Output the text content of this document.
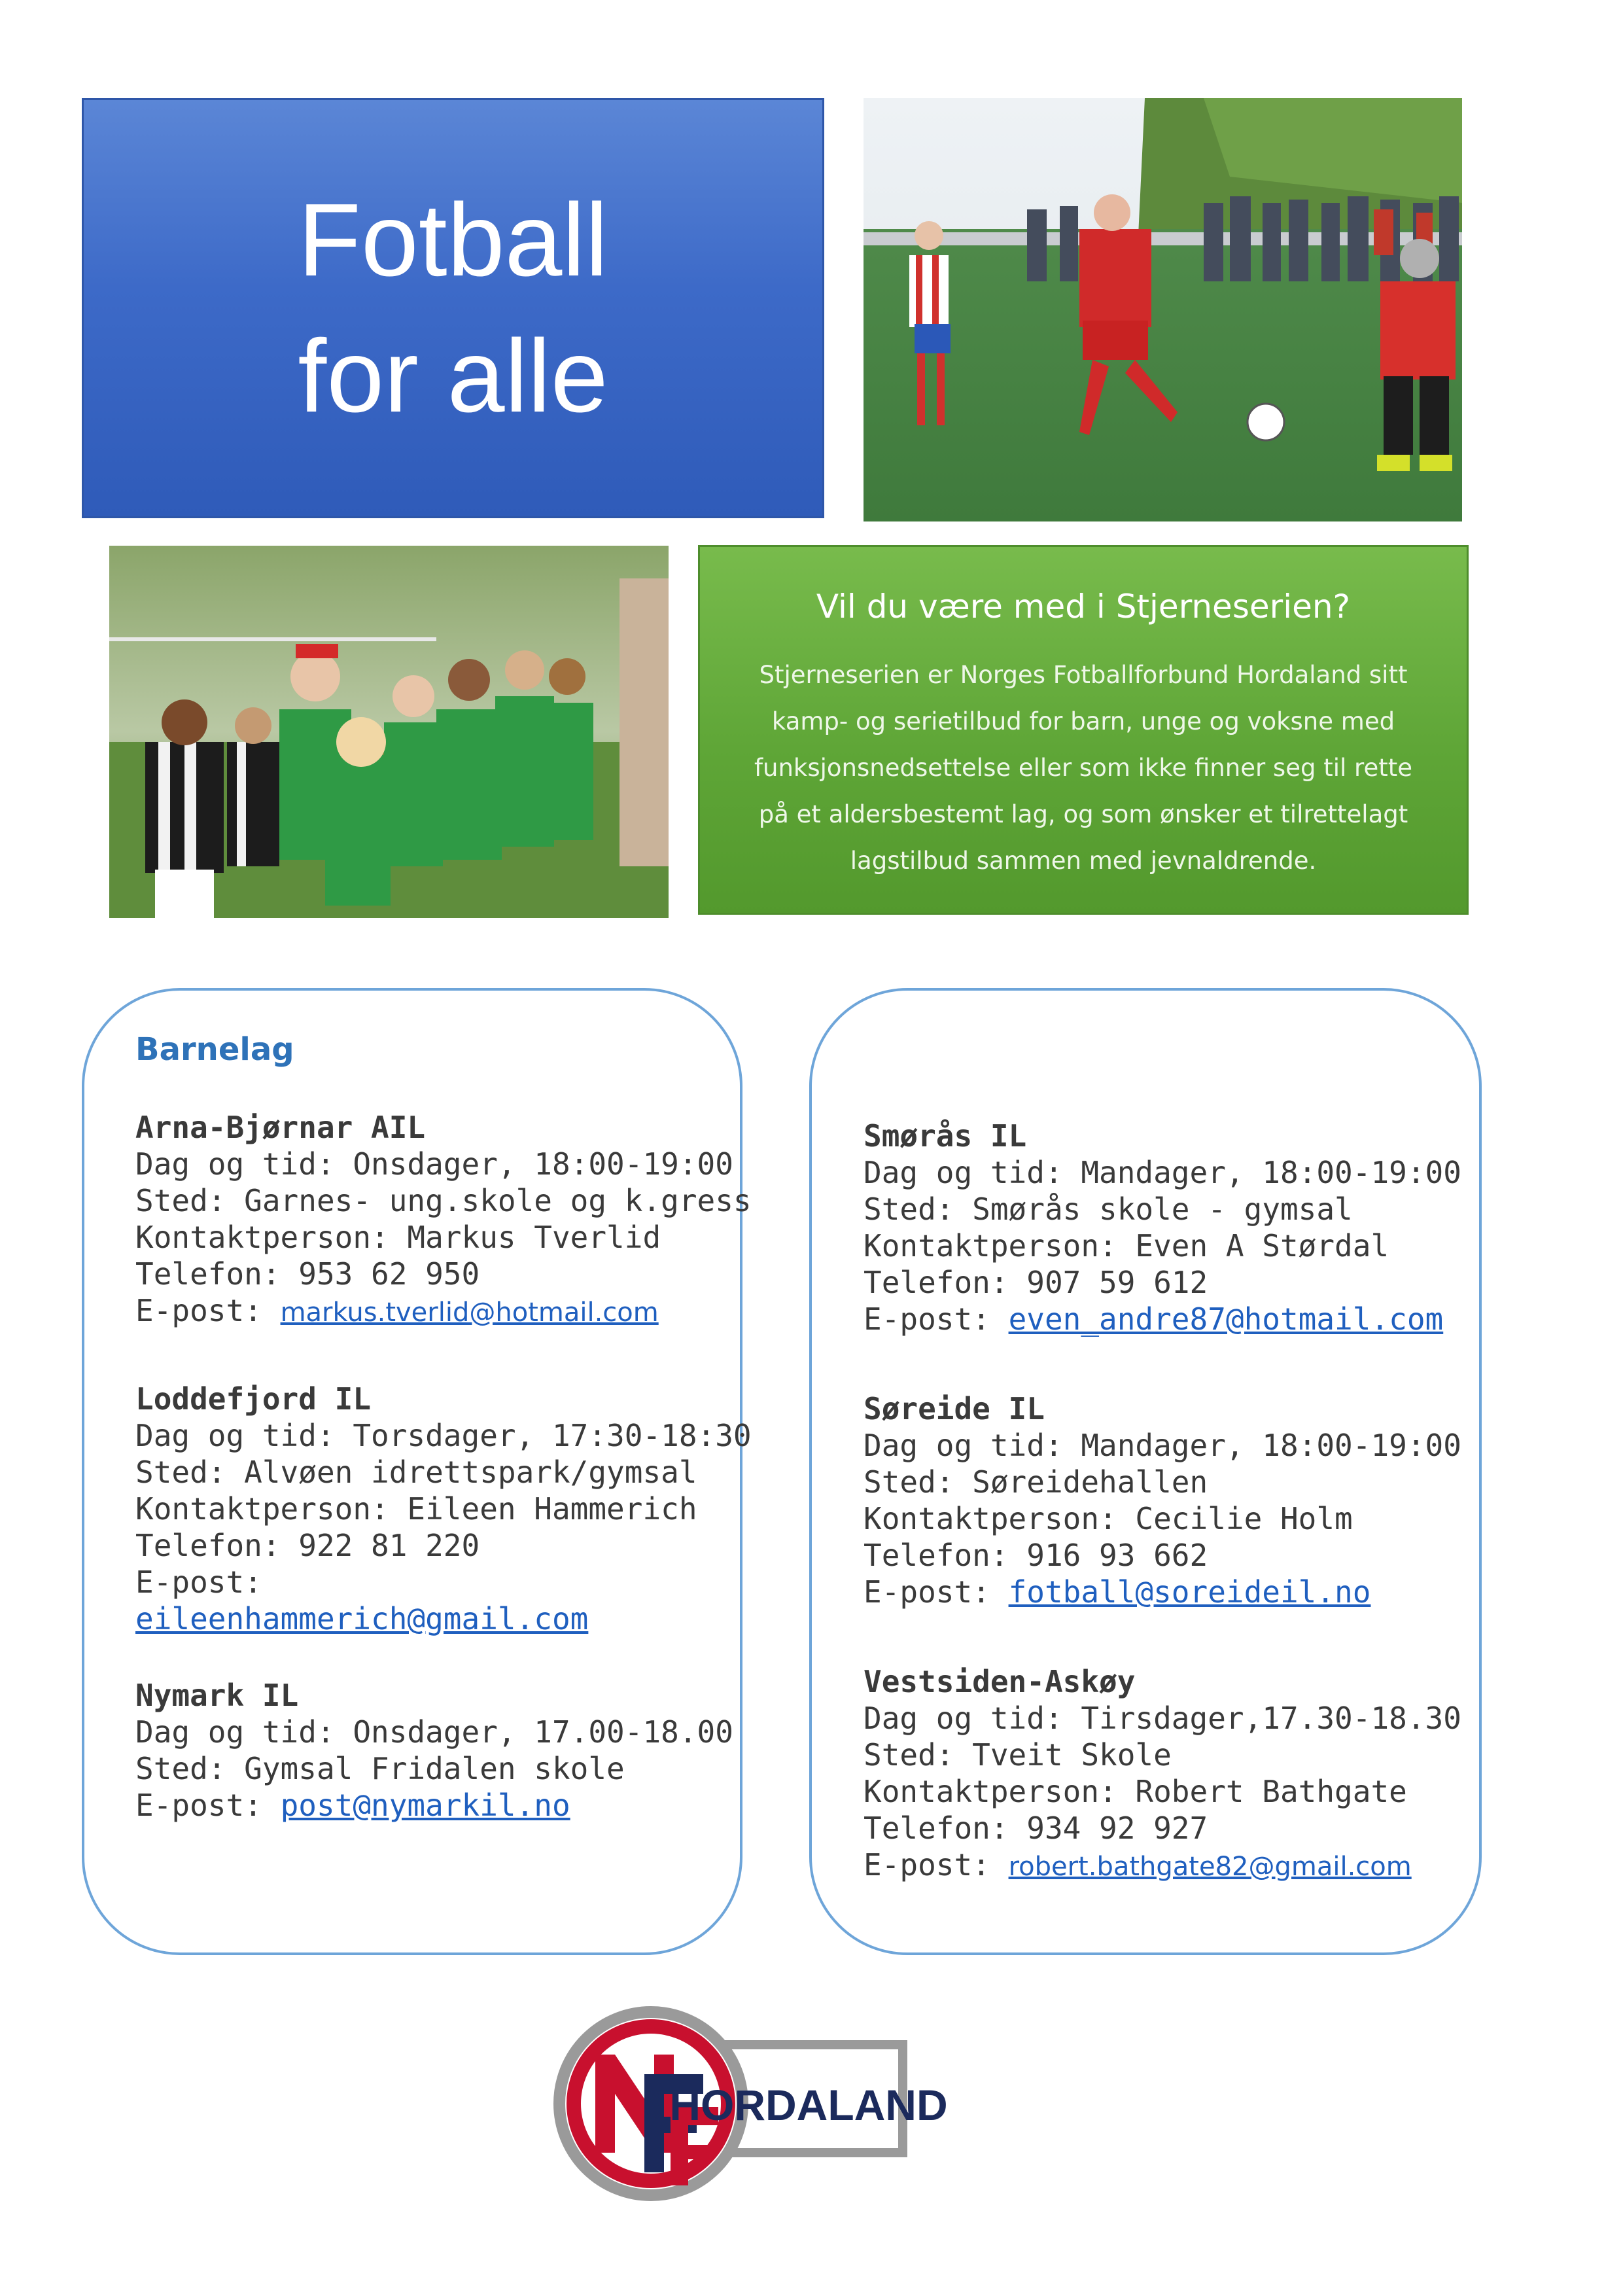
Fotball
for alle
Vil du være med i Stjerneserien?
Stjerneserien er Norges Fotballforbund Hordaland sitt
kamp- og serietilbud for barn, unge og voksne med
funksjonsnedsettelse eller som ikke finner seg til rette
på et aldersbestemt lag, og som ønsker et tilrettelagt
lagstilbud sammen med jevnaldrende.
Barnelag
Arna-Bjørnar AIL
Dag og tid: Onsdager, 18:00-19:00
Sted: Garnes- ung.skole og k.gress
Kontaktperson: Markus Tverlid
Telefon: 953 62 950
E-post: markus.tverlid@hotmail.com
Loddefjord IL
Dag og tid: Torsdager, 17:30-18:30
Sted: Alvøen idrettspark/gymsal
Kontaktperson: Eileen Hammerich
Telefon: 922 81 220
E-post:
eileenhammerich@gmail.com
Nymark IL
Dag og tid: Onsdager, 17.00-18.00
Sted: Gymsal Fridalen skole
E-post: post@nymarkil.no
Smørås IL
Dag og tid: Mandager, 18:00-19:00
Sted: Smørås skole - gymsal
Kontaktperson: Even A Størdal
Telefon: 907 59 612
E-post: even_andre87@hotmail.com
Søreide IL
Dag og tid: Mandager, 18:00-19:00
Sted: Søreidehallen
Kontaktperson: Cecilie Holm
Telefon: 916 93 662
E-post: fotball@soreideil.no
Vestsiden-Askøy
Dag og tid: Tirsdager,17.30-18.30
Sted: Tveit Skole
Kontaktperson: Robert Bathgate
Telefon: 934 92 927
E-post: robert.bathgate82@gmail.com
HORDALAND
